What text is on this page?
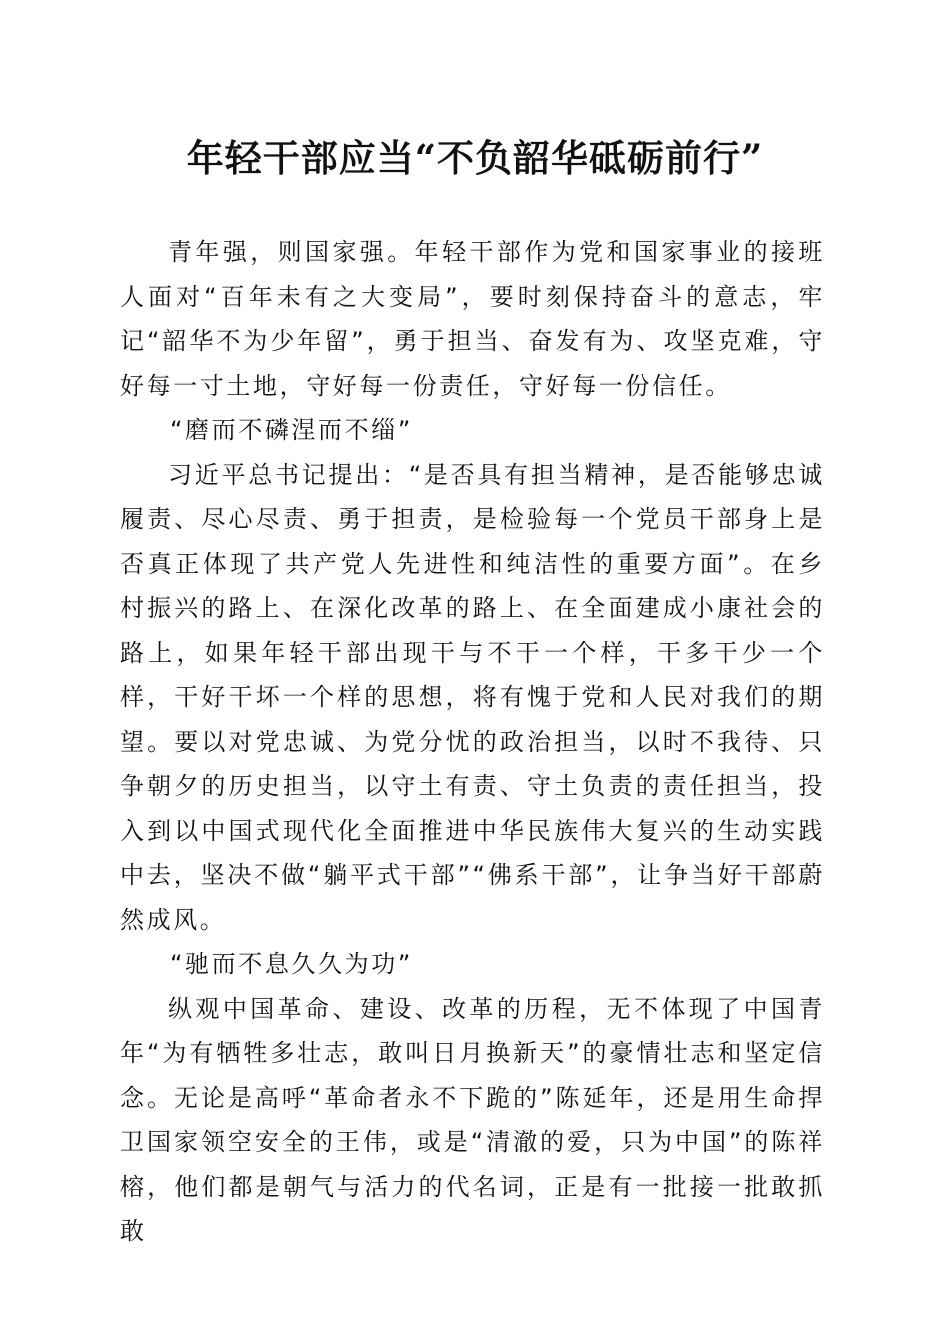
年轻干部应当“不负韶华砥砺前行”

青年强，则国家强。年轻干部作为党和国家事业的接班人面对“百年未有之大变局”，要时刻保持奋斗的意志，牢记“韶华不为少年留”，勇于担当、奋发有为、攻坚克难，守好每一寸土地，守好每一份责任，守好每一份信任。

“磨而不磷涅而不缁”

习近平总书记提出：“是否具有担当精神，是否能够忠诚履责、尽心尽责、勇于担责，是检验每一个党员干部身上是否真正体现了共产党人先进性和纯洁性的重要方面”。在乡村振兴的路上、在深化改革的路上、在全面建成小康社会的路上，如果年轻干部出现干与不干一个样，干多干少一个样，干好干坏一个样的思想，将有愧于党和人民对我们的期望。要以对党忠诚、为党分忧的政治担当，以时不我待、只争朝夕的历史担当，以守土有责、守土负责的责任担当，投入到以中国式现代化全面推进中华民族伟大复兴的生动实践中去，坚决不做“躺平式干部”“佛系干部”，让争当好干部蔚然成风。

“驰而不息久久为功”

纵观中国革命、建设、改革的历程，无不体现了中国青年“为有牺牲多壮志，敢叫日月换新天”的豪情壮志和坚定信念。无论是高呼“革命者永不下跪的”陈延年，还是用生命捍卫国家领空安全的王伟，或是“清澈的爱，只为中国”的陈祥榕，他们都是朝气与活力的代名词，正是有一批接一批敢抓敢
